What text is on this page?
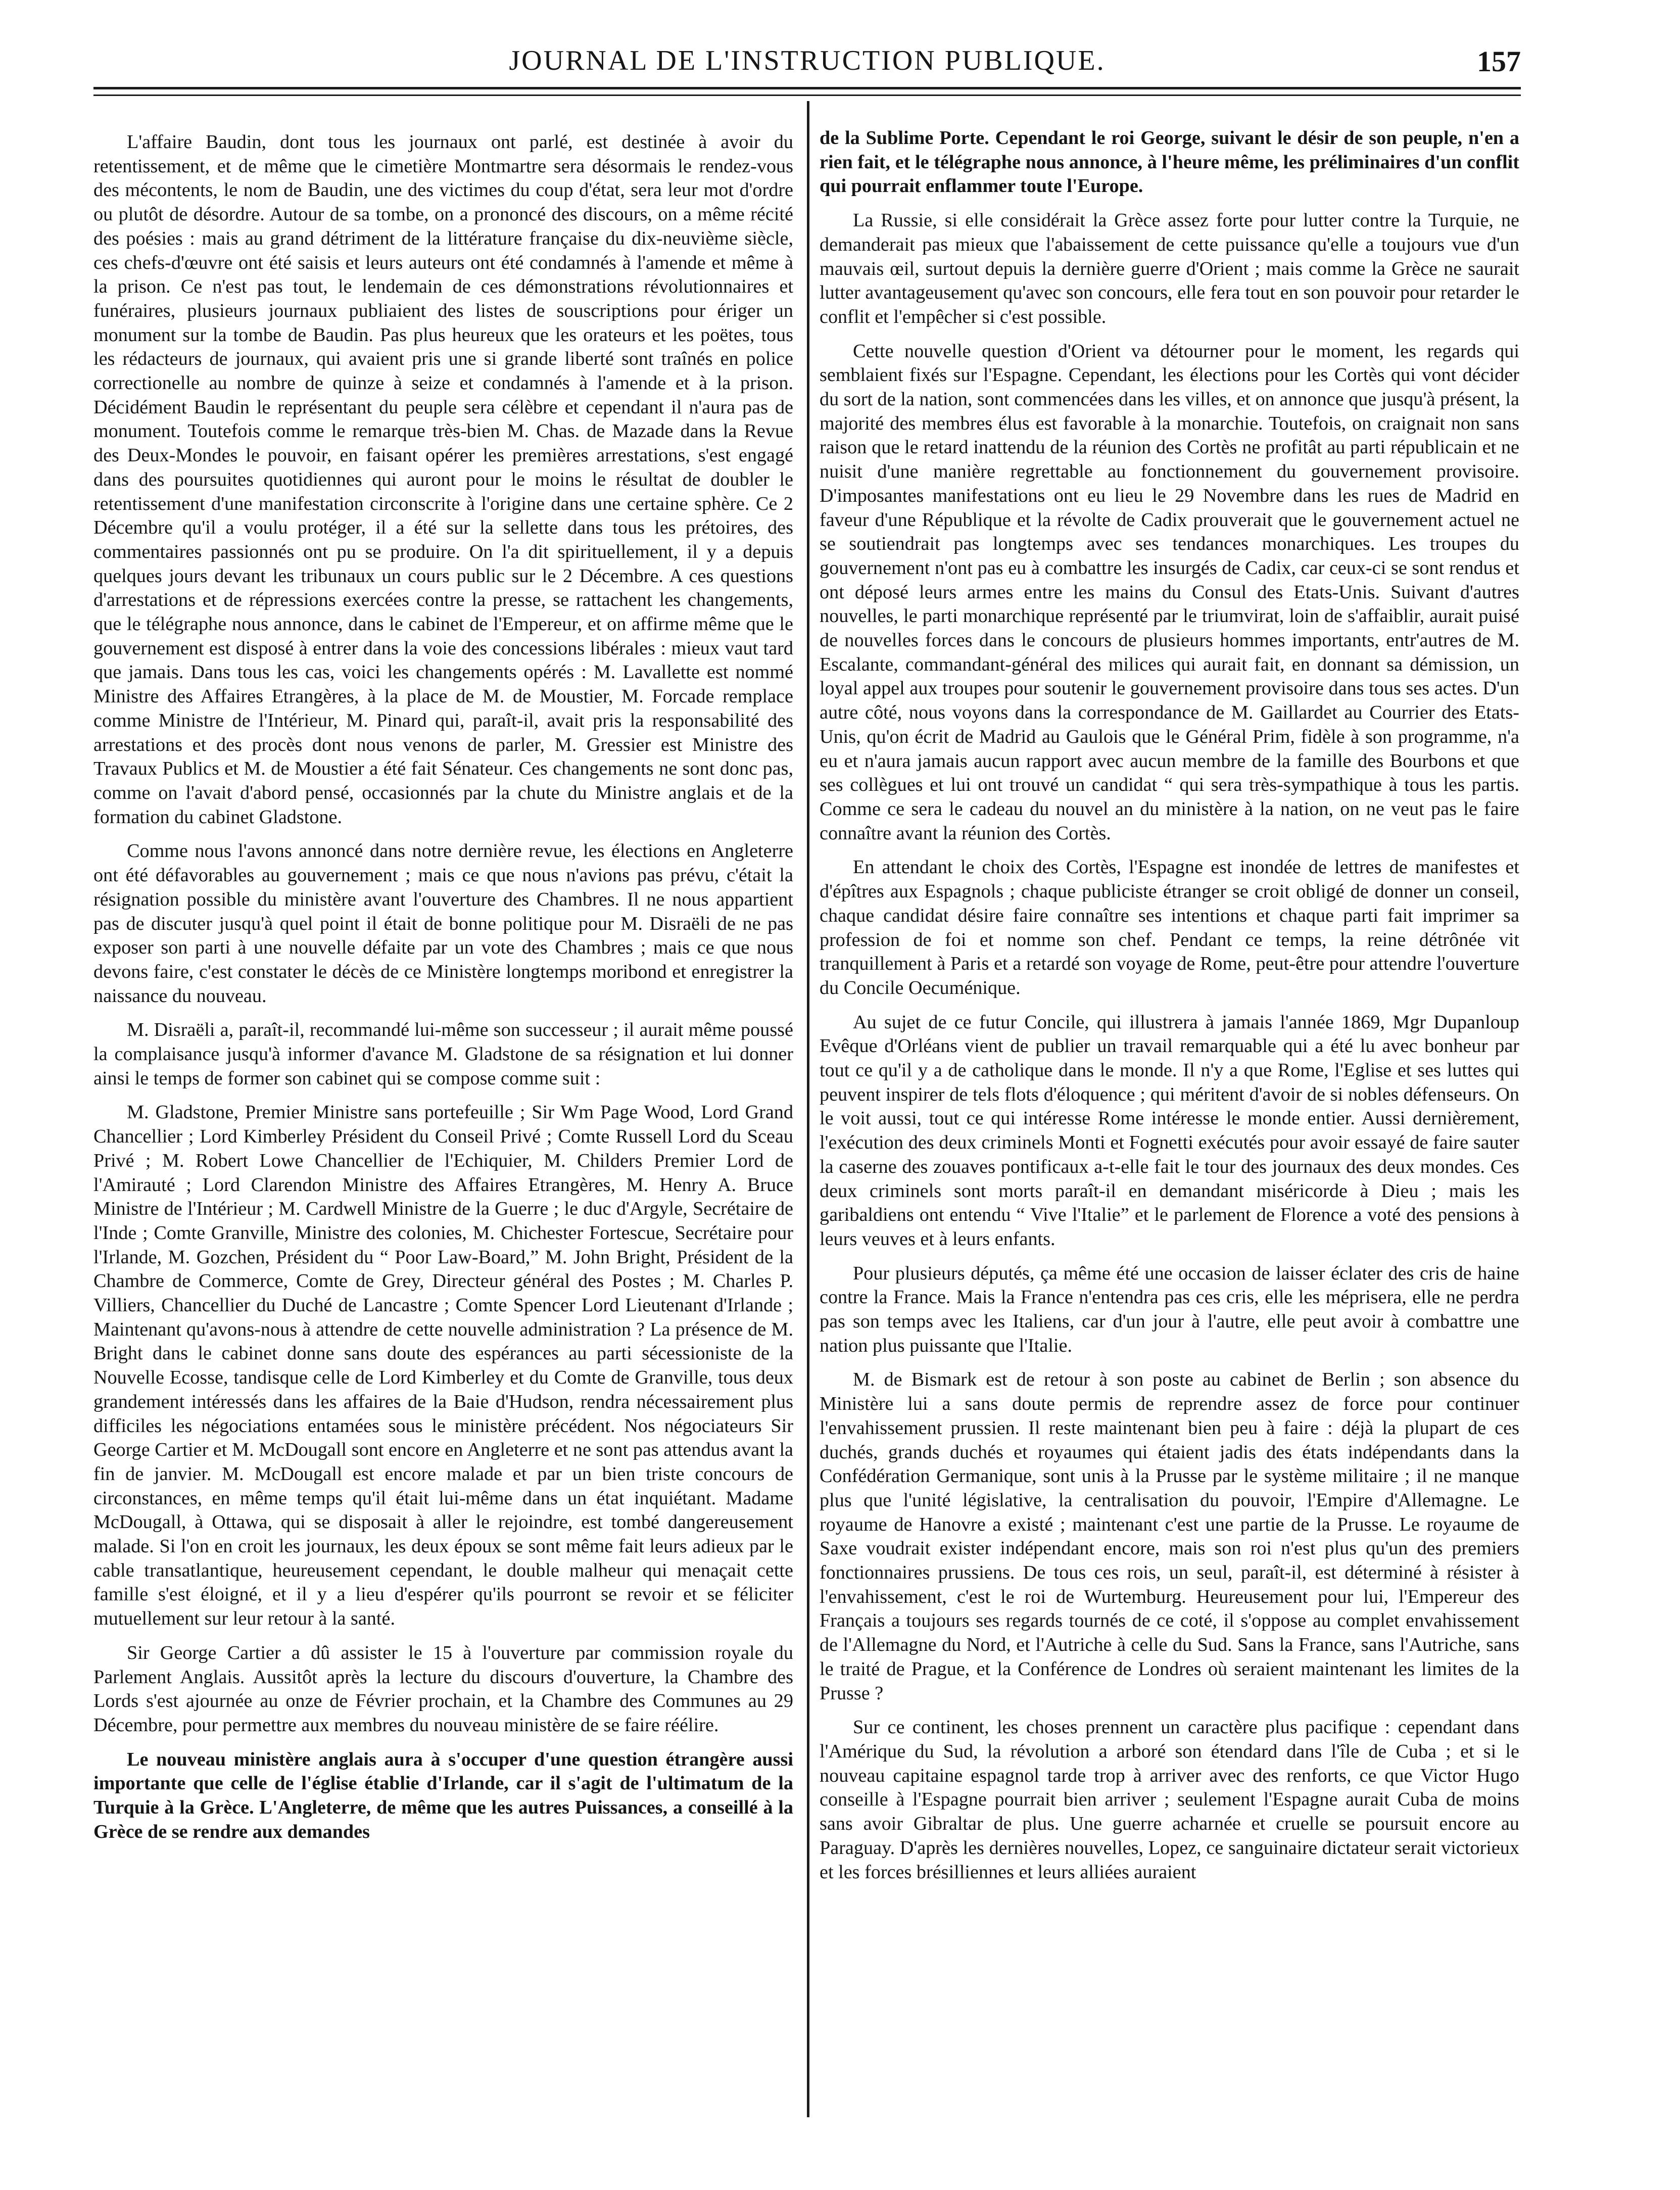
JOURNAL DE L'INSTRUCTION PUBLIQUE.	157

L'affaire Baudin, dont tous les journaux ont parlé, est destinée à avoir du retentissement, et de même que le cimetière Montmartre sera désormais le rendez-vous des mécontents, le nom de Baudin, une des victimes du coup d'état, sera leur mot d'ordre ou plutôt de désordre. Autour de sa tombe, on a prononcé des discours, on a même récité des poésies : mais au grand détriment de la littérature française du dix-neuvième siècle, ces chefs-d'œuvre ont été saisis et leurs auteurs ont été condamnés à l'amende et même à la prison. Ce n'est pas tout, le lendemain de ces démonstrations révolutionnaires et funéraires, plusieurs journaux publiaient des listes de souscriptions pour ériger un monument sur la tombe de Baudin. Pas plus heureux que les orateurs et les poëtes, tous les rédacteurs de journaux, qui avaient pris une si grande liberté sont traînés en police correctionelle au nombre de quinze à seize et condamnés à l'amende et à la prison. Décidément Baudin le représentant du peuple sera célèbre et cependant il n'aura pas de monument. Toutefois comme le remarque très-bien M. Chas. de Mazade dans la Revue des Deux-Mondes le pouvoir, en faisant opérer les premières arrestations, s'est engagé dans des poursuites quotidiennes qui auront pour le moins le résultat de doubler le retentissement d'une manifestation circonscrite à l'origine dans une certaine sphère. Ce 2 Décembre qu'il a voulu protéger, il a été sur la sellette dans tous les prétoires, des commentaires passionnés ont pu se produire. On l'a dit spirituellement, il y a depuis quelques jours devant les tribunaux un cours public sur le 2 Décembre. A ces questions d'arrestations et de répressions exercées contre la presse, se rattachent les changements, que le télégraphe nous annonce, dans le cabinet de l'Empereur, et on affirme même que le gouvernement est disposé à entrer dans la voie des concessions libérales : mieux vaut tard que jamais. Dans tous les cas, voici les changements opérés : M. Lavallette est nommé Ministre des Affaires Etrangères, à la place de M. de Moustier, M. Forcade remplace comme Ministre de l'Intérieur, M. Pinard qui, paraît-il, avait pris la responsabilité des arrestations et des procès dont nous venons de parler, M. Gressier est Ministre des Travaux Publics et M. de Moustier a été fait Sénateur. Ces changements ne sont donc pas, comme on l'avait d'abord pensé, occasionnés par la chute du Ministre anglais et de la formation du cabinet Gladstone.

Comme nous l'avons annoncé dans notre dernière revue, les élections en Angleterre ont été défavorables au gouvernement ; mais ce que nous n'avions pas prévu, c'était la résignation possible du ministère avant l'ouverture des Chambres. Il ne nous appartient pas de discuter jusqu'à quel point il était de bonne politique pour M. Disraëli de ne pas exposer son parti à une nouvelle défaite par un vote des Chambres ; mais ce que nous devons faire, c'est constater le décès de ce Ministère longtemps moribond et enregistrer la naissance du nouveau.

M. Disraëli a, paraît-il, recommandé lui-même son successeur ; il aurait même poussé la complaisance jusqu'à informer d'avance M. Gladstone de sa résignation et lui donner ainsi le temps de former son cabinet qui se compose comme suit :

M. Gladstone, Premier Ministre sans portefeuille ; Sir Wm Page Wood, Lord Grand Chancellier ; Lord Kimberley Président du Conseil Privé ; Comte Russell Lord du Sceau Privé ; M. Robert Lowe Chancellier de l'Echiquier, M. Childers Premier Lord de l'Amirauté ; Lord Clarendon Ministre des Affaires Etrangères, M. Henry A. Bruce Ministre de l'Intérieur ; M. Cardwell Ministre de la Guerre ; le duc d'Argyle, Secrétaire de l'Inde ; Comte Granville, Ministre des colonies, M. Chichester Fortescue, Secrétaire pour l'Irlande, M. Gozchen, Président du “ Poor Law-Board,” M. John Bright, Président de la Chambre de Commerce, Comte de Grey, Directeur général des Postes ; M. Charles P. Villiers, Chancellier du Duché de Lancastre ; Comte Spencer Lord Lieutenant d'Irlande ; Maintenant qu'avons-nous à attendre de cette nouvelle administration ? La présence de M. Bright dans le cabinet donne sans doute des espérances au parti sécessioniste de la Nouvelle Ecosse, tandisque celle de Lord Kimberley et du Comte de Granville, tous deux grandement intéressés dans les affaires de la Baie d'Hudson, rendra nécessairement plus difficiles les négociations entamées sous le ministère précédent. Nos négociateurs Sir George Cartier et M. McDougall sont encore en Angleterre et ne sont pas attendus avant la fin de janvier. M. McDougall est encore malade et par un bien triste concours de circonstances, en même temps qu'il était lui-même dans un état inquiétant. Madame McDougall, à Ottawa, qui se disposait à aller le rejoindre, est tombé dangereusement malade. Si l'on en croit les journaux, les deux époux se sont même fait leurs adieux par le cable transatlantique, heureusement cependant, le double malheur qui menaçait cette famille s'est éloigné, et il y a lieu d'espérer qu'ils pourront se revoir et se féliciter mutuellement sur leur retour à la santé.

Sir George Cartier a dû assister le 15 à l'ouverture par commission royale du Parlement Anglais. Aussitôt après la lecture du discours d'ouverture, la Chambre des Lords s'est ajournée au onze de Février prochain, et la Chambre des Communes au 29 Décembre, pour permettre aux membres du nouveau ministère de se faire réélire.

Le nouveau ministère anglais aura à s'occuper d'une question étrangère aussi importante que celle de l'église établie d'Irlande, car il s'agit de l'ultimatum de la Turquie à la Grèce. L'Angleterre, de même que les autres Puissances, a conseillé à la Grèce de se rendre aux demandes

de la Sublime Porte. Cependant le roi George, suivant le désir de son peuple, n'en a rien fait, et le télégraphe nous annonce, à l'heure même, les préliminaires d'un conflit qui pourrait enflammer toute l'Europe.

La Russie, si elle considérait la Grèce assez forte pour lutter contre la Turquie, ne demanderait pas mieux que l'abaissement de cette puissance qu'elle a toujours vue d'un mauvais œil, surtout depuis la dernière guerre d'Orient ; mais comme la Grèce ne saurait lutter avantageusement qu'avec son concours, elle fera tout en son pouvoir pour retarder le conflit et l'empêcher si c'est possible.

Cette nouvelle question d'Orient va détourner pour le moment, les regards qui semblaient fixés sur l'Espagne. Cependant, les élections pour les Cortès qui vont décider du sort de la nation, sont commencées dans les villes, et on annonce que jusqu'à présent, la majorité des membres élus est favorable à la monarchie. Toutefois, on craignait non sans raison que le retard inattendu de la réunion des Cortès ne profitât au parti républicain et ne nuisit d'une manière regrettable au fonctionnement du gouvernement provisoire. D'imposantes manifestations ont eu lieu le 29 Novembre dans les rues de Madrid en faveur d'une République et la révolte de Cadix prouverait que le gouvernement actuel ne se soutiendrait pas longtemps avec ses tendances monarchiques. Les troupes du gouvernement n'ont pas eu à combattre les insurgés de Cadix, car ceux-ci se sont rendus et ont déposé leurs armes entre les mains du Consul des Etats-Unis. Suivant d'autres nouvelles, le parti monarchique représenté par le triumvirat, loin de s'affaiblir, aurait puisé de nouvelles forces dans le concours de plusieurs hommes importants, entr'autres de M. Escalante, commandant-général des milices qui aurait fait, en donnant sa démission, un loyal appel aux troupes pour soutenir le gouvernement provisoire dans tous ses actes. D'un autre côté, nous voyons dans la correspondance de M. Gaillardet au Courrier des Etats-Unis, qu'on écrit de Madrid au Gaulois que le Général Prim, fidèle à son programme, n'a eu et n'aura jamais aucun rapport avec aucun membre de la famille des Bourbons et que ses collègues et lui ont trouvé un candidat “ qui sera très-sympathique à tous les partis. Comme ce sera le cadeau du nouvel an du ministère à la nation, on ne veut pas le faire connaître avant la réunion des Cortès.

En attendant le choix des Cortès, l'Espagne est inondée de lettres de manifestes et d'épîtres aux Espagnols ; chaque publiciste étranger se croit obligé de donner un conseil, chaque candidat désire faire connaître ses intentions et chaque parti fait imprimer sa profession de foi et nomme son chef. Pendant ce temps, la reine détrônée vit tranquillement à Paris et a retardé son voyage de Rome, peut-être pour attendre l'ouverture du Concile Oecuménique.

Au sujet de ce futur Concile, qui illustrera à jamais l'année 1869, Mgr Dupanloup Evêque d'Orléans vient de publier un travail remarquable qui a été lu avec bonheur par tout ce qu'il y a de catholique dans le monde. Il n'y a que Rome, l'Eglise et ses luttes qui peuvent inspirer de tels flots d'éloquence ; qui méritent d'avoir de si nobles défenseurs. On le voit aussi, tout ce qui intéresse Rome intéresse le monde entier. Aussi dernièrement, l'exécution des deux criminels Monti et Fognetti exécutés pour avoir essayé de faire sauter la caserne des zouaves pontificaux a-t-elle fait le tour des journaux des deux mondes. Ces deux criminels sont morts paraît-il en demandant miséricorde à Dieu ; mais les garibaldiens ont entendu “ Vive l'Italie” et le parlement de Florence a voté des pensions à leurs veuves et à leurs enfants.

Pour plusieurs députés, ça même été une occasion de laisser éclater des cris de haine contre la France. Mais la France n'entendra pas ces cris, elle les méprisera, elle ne perdra pas son temps avec les Italiens, car d'un jour à l'autre, elle peut avoir à combattre une nation plus puissante que l'Italie.

M. de Bismark est de retour à son poste au cabinet de Berlin ; son absence du Ministère lui a sans doute permis de reprendre assez de force pour continuer l'envahissement prussien. Il reste maintenant bien peu à faire : déjà la plupart de ces duchés, grands duchés et royaumes qui étaient jadis des états indépendants dans la Confédération Germanique, sont unis à la Prusse par le système militaire ; il ne manque plus que l'unité législative, la centralisation du pouvoir, l'Empire d'Allemagne. Le royaume de Hanovre a existé ; maintenant c'est une partie de la Prusse. Le royaume de Saxe voudrait exister indépendant encore, mais son roi n'est plus qu'un des premiers fonctionnaires prussiens. De tous ces rois, un seul, paraît-il, est déterminé à résister à l'envahissement, c'est le roi de Wurtemburg. Heureusement pour lui, l'Empereur des Français a toujours ses regards tournés de ce coté, il s'oppose au complet envahissement de l'Allemagne du Nord, et l'Autriche à celle du Sud. Sans la France, sans l'Autriche, sans le traité de Prague, et la Conférence de Londres où seraient maintenant les limites de la Prusse ?

Sur ce continent, les choses prennent un caractère plus pacifique : cependant dans l'Amérique du Sud, la révolution a arboré son étendard dans l'île de Cuba ; et si le nouveau capitaine espagnol tarde trop à arriver avec des renforts, ce que Victor Hugo conseille à l'Espagne pourrait bien arriver ; seulement l'Espagne aurait Cuba de moins sans avoir Gibraltar de plus. Une guerre acharnée et cruelle se poursuit encore au Paraguay. D'après les dernières nouvelles, Lopez, ce sanguinaire dictateur serait victorieux et les forces brésilliennes et leurs alliées auraient
